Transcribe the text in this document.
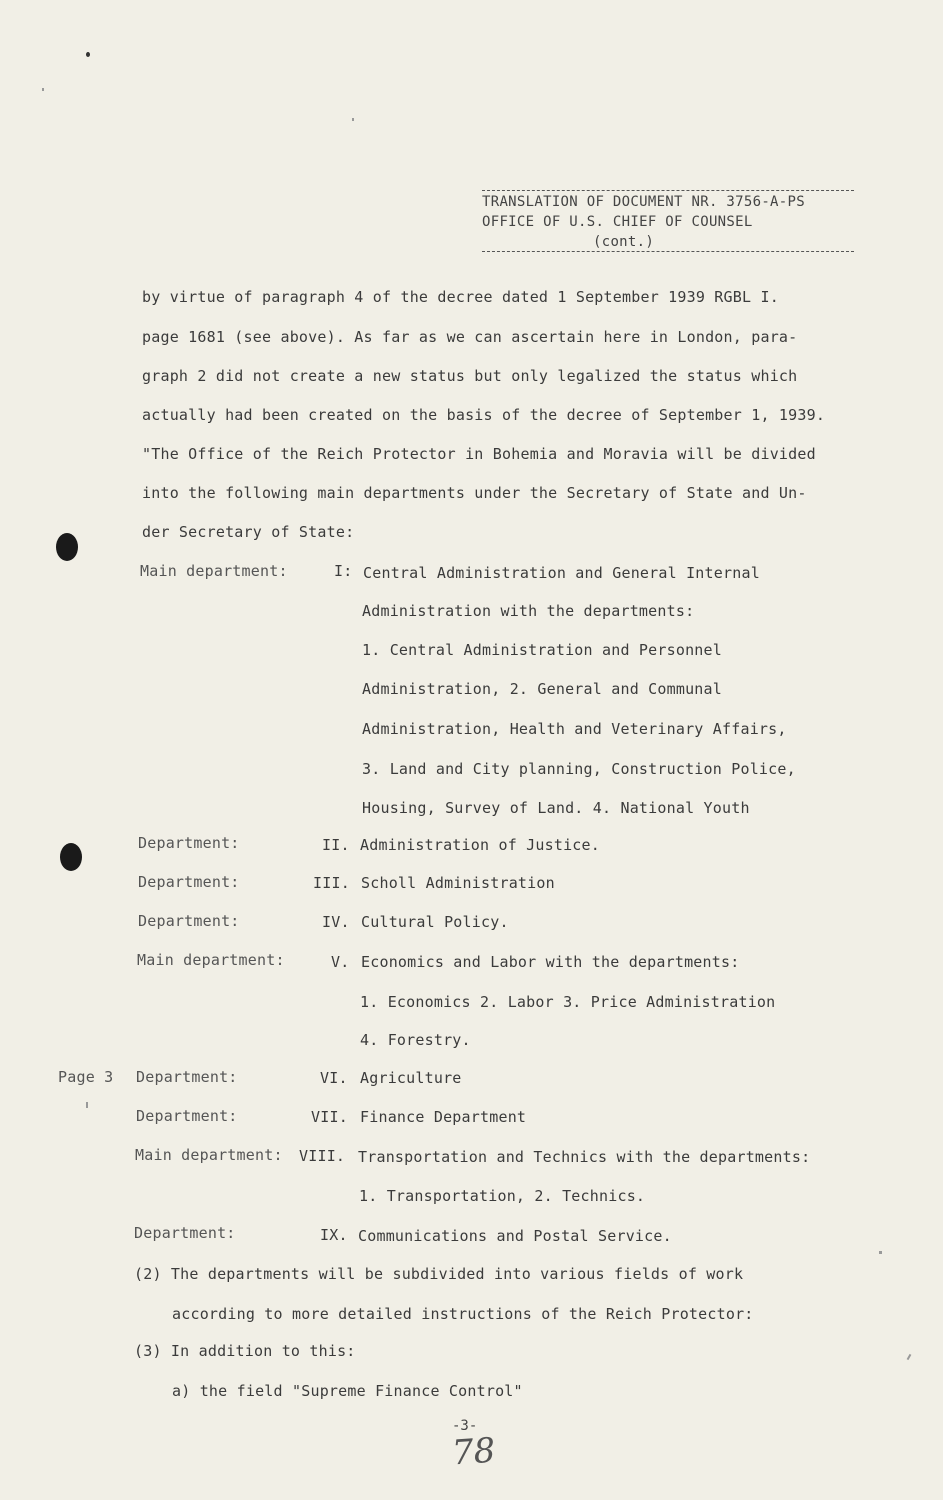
TRANSLATION OF DOCUMENT NR. 3756-A-PS
OFFICE OF U.S. CHIEF OF COUNSEL
(cont.)
by virtue of paragraph 4 of the decree dated 1 September 1939 RGBL I.
page 1681 (see above). As far as we can ascertain here in London, para-
graph 2 did not create a new status but only legalized the status which
actually had been created on the basis of the decree of September 1, 1939.
"The Office of the Reich Protector in Bohemia and Moravia will be divided
into the following main departments under the Secretary of State and Un-
der Secretary of State:
Main department:	I: Central Administration and General Internal
Administration with the departments:
1. Central Administration and Personnel
Administration, 2. General and Communal
Administration, Health and Veterinary Affairs,
3. Land and City planning, Construction Police,
Housing, Survey of Land. 4. National Youth
Department:	II. Administration of Justice.
Department:	III. Scholl Administration
Department:	IV. Cultural Policy.
Main department:	V. Economics and Labor with the departments:
1. Economics 2. Labor 3. Price Administration
4. Forestry.
Page 3 Department:	VI. Agriculture
Department:	VII. Finance Department
Main department: VIII. Transportation and Technics with the departments:
1. Transportation, 2. Technics.
Department:	IX. Communications and Postal Service.
(2) The departments will be subdivided into various fields of work
according to more detailed instructions of the Reich Protector:
(3) In addition to this:
a) the field "Supreme Finance Control"
-3-
78
